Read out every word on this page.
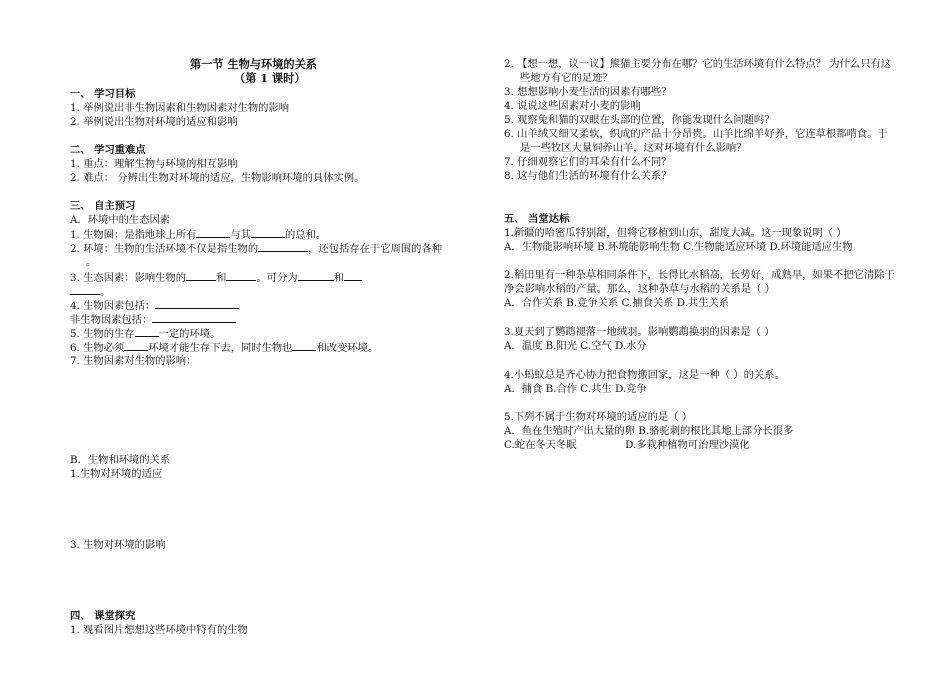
第一节 生物与环境的关系
（第 1 课时）
一、 学习目标
1. 举例说出非生物因素和生物因素对生物的影响
2. 举例说出生物对环境的适应和影响
二、 学习重难点
1. 重点：理解生物与环境的相互影响
2. 难点： 分辨出生物对环境的适应，生物影响环境的具体实例。
三、 自主预习
A．环境中的生态因素
1. 生物圈：是指地球上所有	与其	的总和。
2. 环境：生物的生活环境不仅是指生物的	，还包括存在于它周围的各种
。
3. 生态因素：影响生物的	和	。可分为	和
。
4. 生物因素包括：
非生物因素包括：
5. 生物的生存 一定的环境。
6. 生物必须 环境才能生存下去，同时生物也 和改变环境。
7. 生物因素对生物的影响：
B．生物和环境的关系
1.生物对环境的适应
3. 生物对环境的影响
四、 课堂探究
1. 观看图片想想这些环境中特有的生物
2. 【想一想，议一议】熊猫主要分布在哪？它的生活环境有什么特点？ 为什么只有这
些地方有它的足迹？
3. 想想影响小麦生活的因素有哪些？
4. 说说这些因素对小麦的影响
5. 观察兔和猫的双眼在头部的位置，你能发现什么问题吗？
6. 山羊绒又细又柔软，织成的产品十分昂贵。山羊比绵羊好养，它连草根都啃食。于
是一些牧区大量饲养山羊，这对环境有什么影响？
7. 仔细观察它们的耳朵有什么不同？
8. 这与他们生活的环境有什么关系？
五、 当堂达标
1.新疆的哈密瓜特别甜，但将它移植到山东，甜度大减。这一现象说明（ ）
A．生物能影响环境 B.环境能影响生物 C.生物能适应环境 D.环境能适应生物
2.稻田里有一种杂草相同条件下，长得比水稻高，长势好，成熟早，如果不把它清除干
净会影响水稻的产量。那么，这种杂草与水稻的关系是（ ）
A．合作关系 B.竞争关系 C.捕食关系 D.共生关系
3.夏天到了鹦鹉褪落一地绒羽。影响鹦鹉换羽的因素是（ ）
A．温度 B.阳光 C.空气 D.水分
4.小蚂蚁总是齐心协力把食物搬回家，这是一种（ ）的关系。
A．捕食 B.合作 C.共生 D.竞争
5.下列不属于生物对环境的适应的是（ ）
A．鱼在生殖时产出大量的卵 B.骆驼刺的根比其地上部分长很多
C.蛇在冬天冬眠	D.多栽种植物可治理沙漠化
